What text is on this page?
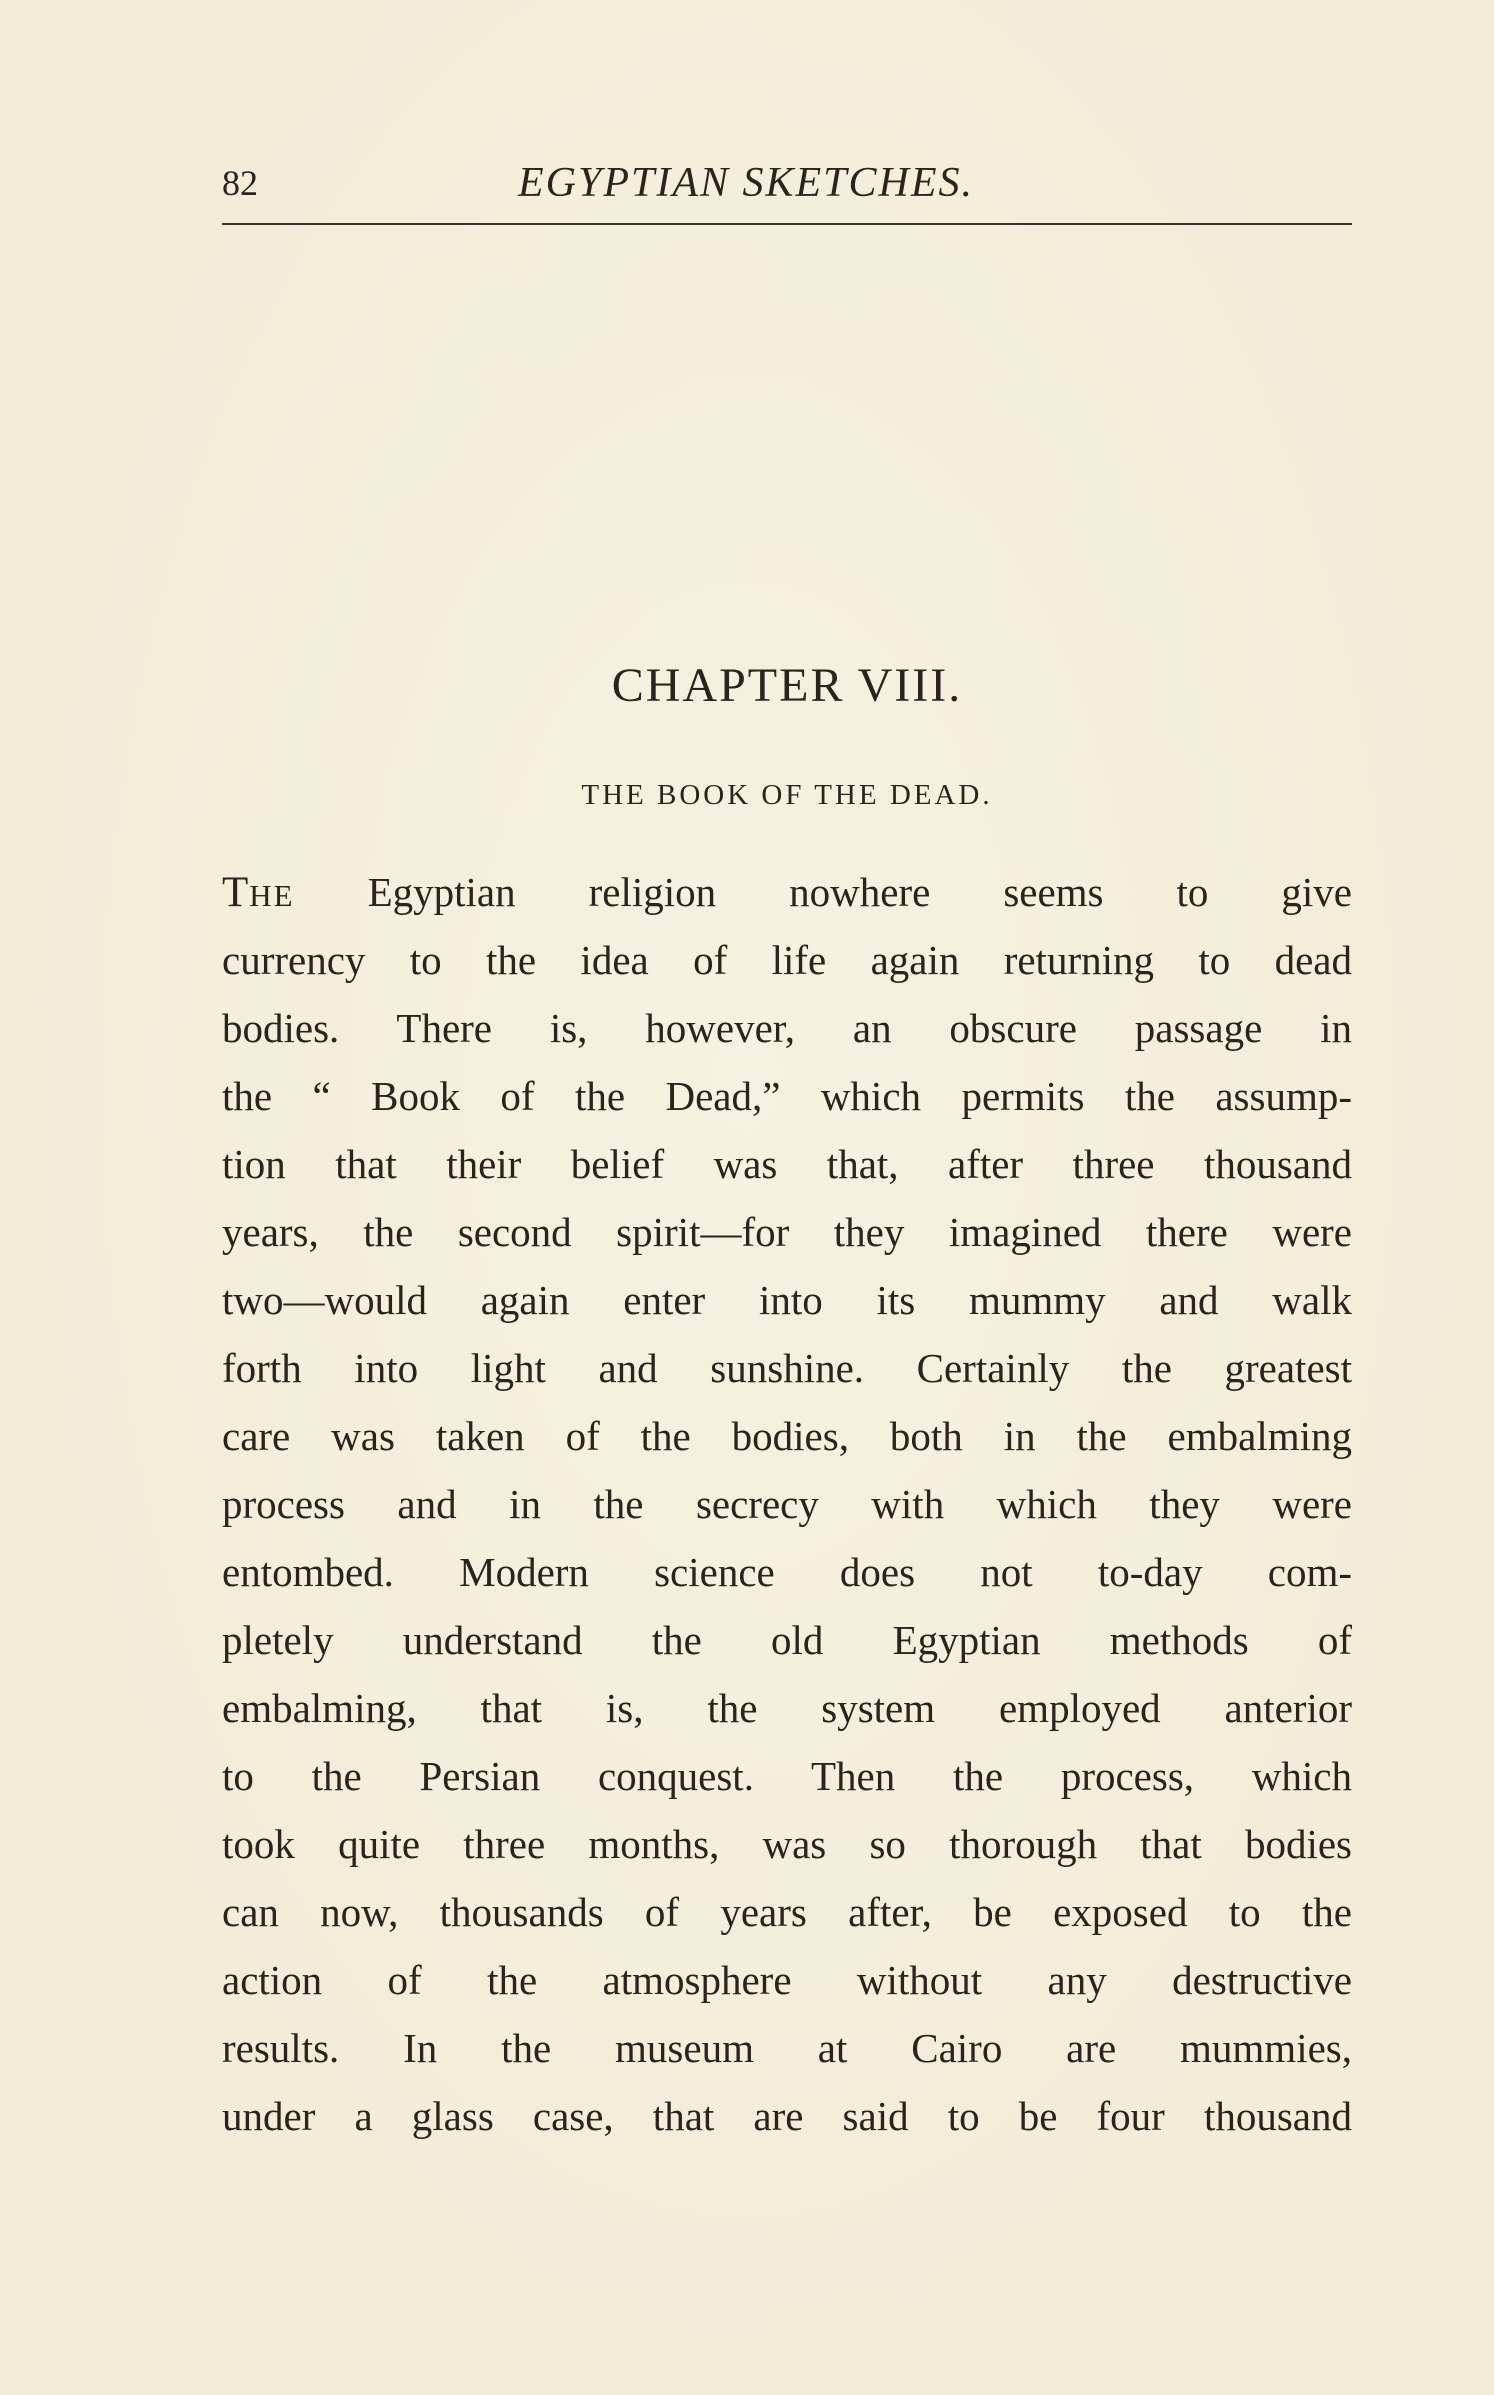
82	EGYPTIAN SKETCHES.
CHAPTER VIII.
THE BOOK OF THE DEAD.
THE Egyptian religion nowhere seems to give
currency to the idea of life again returning to dead
bodies. There is, however, an obscure passage in
the “ Book of the Dead,” which permits the assump-
tion that their belief was that, after three thousand
years, the second spirit—for they imagined there were
two—would again enter into its mummy and walk
forth into light and sunshine. Certainly the greatest
care was taken of the bodies, both in the embalming
process and in the secrecy with which they were
entombed. Modern science does not to-day com-
pletely understand the old Egyptian methods of
embalming, that is, the system employed anterior
to the Persian conquest. Then the process, which
took quite three months, was so thorough that bodies
can now, thousands of years after, be exposed to the
action of the atmosphere without any destructive
results. In the museum at Cairo are mummies,
under a glass case, that are said to be four thousand
